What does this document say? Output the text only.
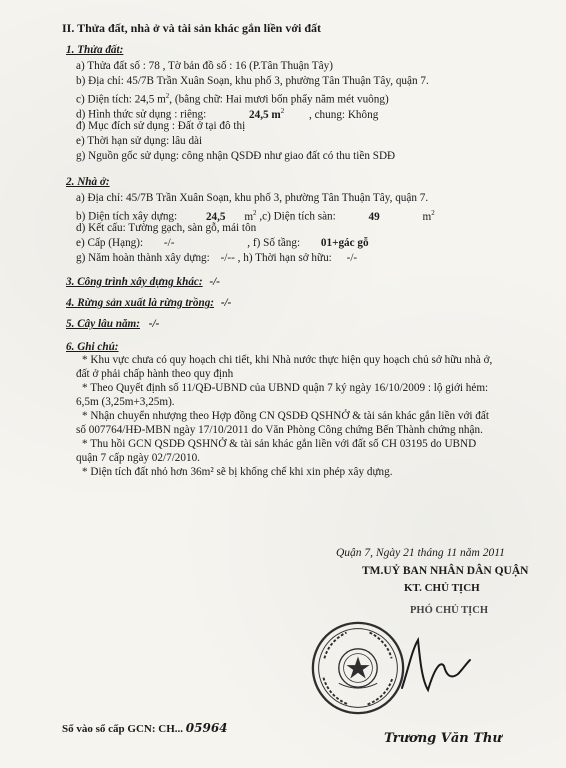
II. Thửa đất, nhà ở và tài sản khác gắn liền với đất
1. Thửa đất:
a) Thửa đất số : 78 , Tờ bản đồ số : 16 (P.Tân Thuận Tây)
b) Địa chỉ: 45/7B Trần Xuân Soạn, khu phố 3, phường Tân Thuận Tây, quận 7.
c) Diện tích: 24,5 $m^2$, (bằng chữ: Hai mươi bốn phẩy năm mét vuông)
d) Hình thức sử dụng : riêng:	24,5 $m^2$ , chung: Không
đ) Mục đích sử dụng : Đất ở tại đô thị
e) Thời hạn sử dụng: lâu dài
g) Nguồn gốc sử dụng: công nhận QSDĐ như giao đất có thu tiền SDĐ
2. Nhà ở:
a) Địa chỉ: 45/7B Trần Xuân Soạn, khu phố 3, phường Tân Thuận Tây, quận 7.
b) Diện tích xây dựng:	24,5 $m^2$ ,c) Diện tích sàn:	49	$m^2$
d) Kết cấu: Tường gạch, sàn gỗ, mái tôn
e) Cấp (Hạng): -/-	, f) Số tầng: 01+gác gỗ
g) Năm hoàn thành xây dựng: -/-- , h) Thời hạn sở hữu: -/-
3. Công trình xây dựng khác: -/-
4. Rừng sản xuất là rừng trồng: -/-
5. Cây lâu năm: -/-
6. Ghi chú:
* Khu vực chưa có quy hoạch chi tiết, khi Nhà nước thực hiện quy hoạch chủ sở hữu nhà ở,
đất ở phải chấp hành theo quy định
* Theo Quyết định số 11/QĐ-UBND của UBND quận 7 ký ngày 16/10/2009 : lộ giới hẻm:
6,5m (3,25m+3,25m).
* Nhận chuyển nhượng theo Hợp đồng CN QSDĐ QSHNỞ & tài sản khác gắn liền với đất
số 007764/HĐ-MBN ngày 17/10/2011 do Văn Phòng Công chứng Bến Thành chứng nhận.
* Thu hồi GCN QSDĐ QSHNỞ & tài sản khác gắn liền với đất số CH 03195 do UBND
quận 7 cấp ngày 02/7/2010.
* Diện tích đất nhỏ hơn 36m² sẽ bị khống chế khi xin phép xây dựng.
Quận 7, Ngày 21 tháng 11 năm 2011
TM.UỶ BAN NHÂN DÂN QUẬN
KT. CHỦ TỊCH
PHÓ CHỦ TỊCH
Trương Văn Thư
Số vào sổ cấp GCN: CH... 05964
